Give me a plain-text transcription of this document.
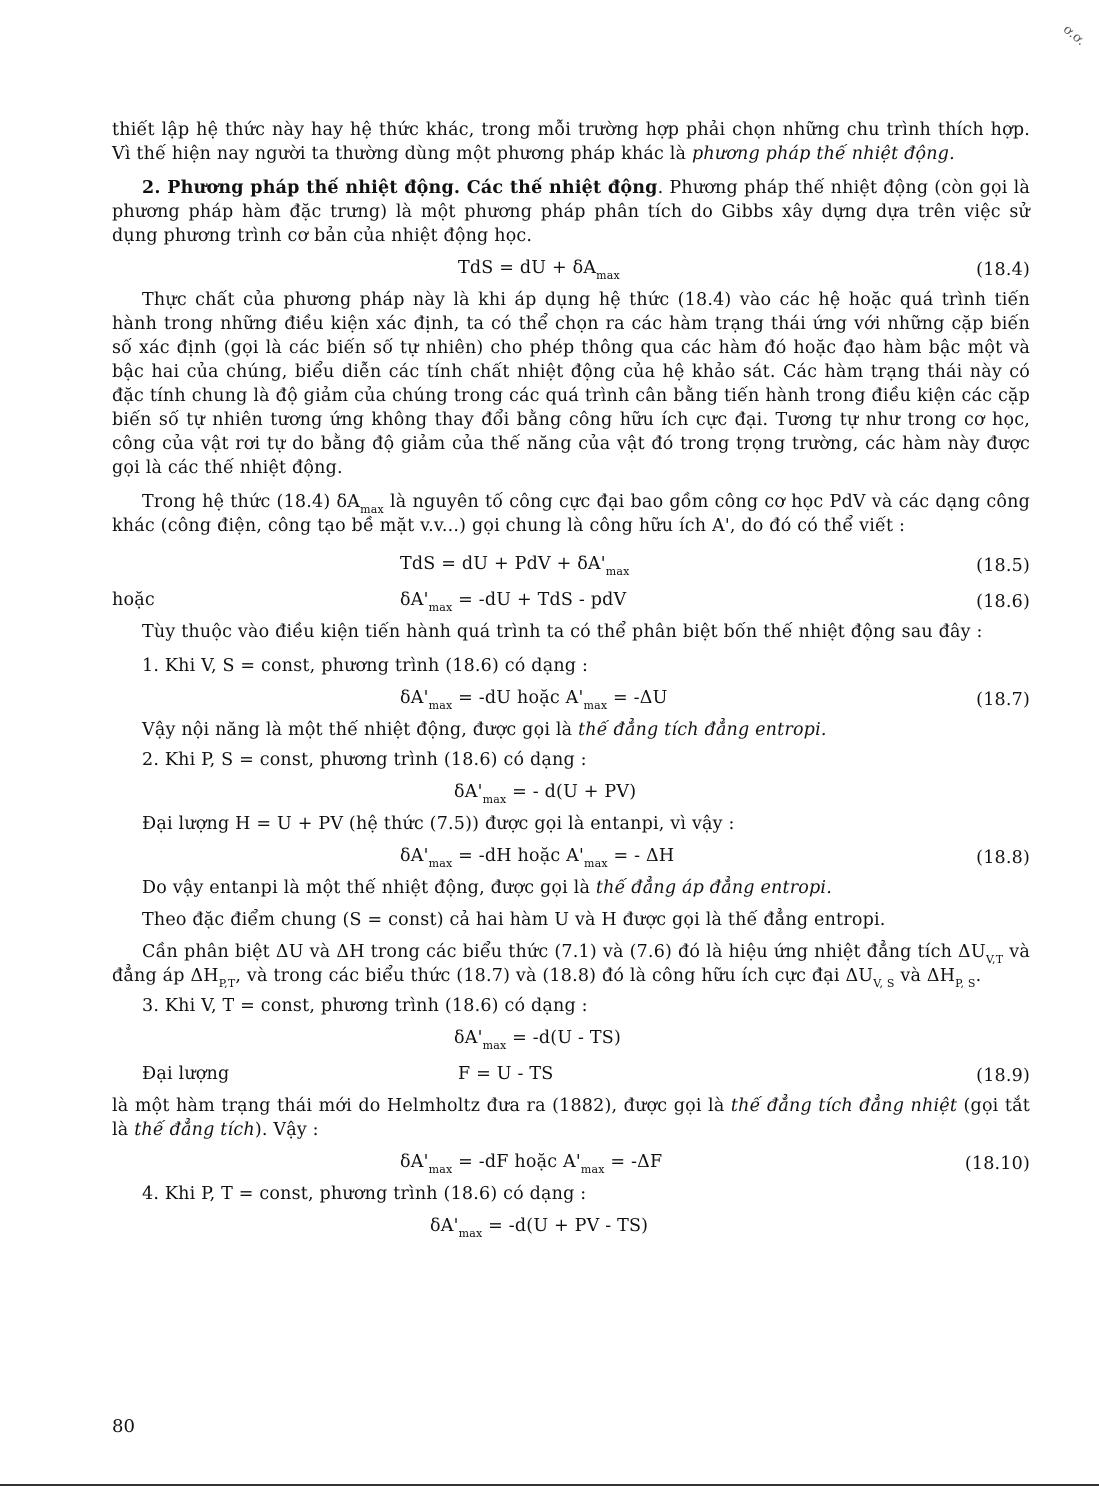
ơ.ơ.

thiết lập hệ thức này hay hệ thức khác, trong mỗi trường hợp phải chọn những chu trình thích hợp. Vì thế hiện nay người ta thường dùng một phương pháp khác là phương pháp thế nhiệt động.

2. Phương pháp thế nhiệt động. Các thế nhiệt động. Phương pháp thế nhiệt động (còn gọi là phương pháp hàm đặc trưng) là một phương pháp phân tích do Gibbs xây dựng dựa trên việc sử dụng phương trình cơ bản của nhiệt động học.

TdS = dU + $\delta A_{max}$	(18.4)

Thực chất của phương pháp này là khi áp dụng hệ thức (18.4) vào các hệ hoặc quá trình tiến hành trong những điều kiện xác định, ta có thể chọn ra các hàm trạng thái ứng với những cặp biến số xác định (gọi là các biến số tự nhiên) cho phép thông qua các hàm đó hoặc đạo hàm bậc một và bậc hai của chúng, biểu diễn các tính chất nhiệt động của hệ khảo sát. Các hàm trạng thái này có đặc tính chung là độ giảm của chúng trong các quá trình cân bằng tiến hành trong điều kiện các cặp biến số tự nhiên tương ứng không thay đổi bằng công hữu ích cực đại. Tương tự như trong cơ học, công của vật rơi tự do bằng độ giảm của thế năng của vật đó trong trọng trường, các hàm này được gọi là các thế nhiệt động.

Trong hệ thức (18.4) $\delta A_{max}$ là nguyên tố công cực đại bao gồm công cơ học PdV và các dạng công khác (công điện, công tạo bề mặt v.v...) gọi chung là công hữu ích A', do đó có thể viết :

TdS = dU + PdV + $\delta A'_{max}$	(18.5)
hoặc	$\delta A'_{max} = -dU$ + TdS - pdV	(18.6)

Tùy thuộc vào điều kiện tiến hành quá trình ta có thể phân biệt bốn thế nhiệt động sau đây :

1. Khi V, S = const, phương trình (18.6) có dạng :

$\delta A'_{max} = -dU$ hoặc $A'_{max} = -\Delta U$	(18.7)

Vậy nội năng là một thế nhiệt động, được gọi là thế đẳng tích đẳng entropi.

2. Khi P, S = const, phương trình (18.6) có dạng :

$\delta A'_{max}$ = - d(U + PV)

Đại lượng H = U + PV (hệ thức (7.5)) được gọi là entanpi, vì vậy :

$\delta A'_{max} = -dH$ hoặc $A'_{max}$ = - ΔH	(18.8)

Do vậy entanpi là một thế nhiệt động, được gọi là thế đẳng áp đẳng entropi.

Theo đặc điểm chung (S = const) cả hai hàm U và H được gọi là thế đẳng entropi.

Cần phân biệt ΔU và ΔH trong các biểu thức (7.1) và (7.6) đó là hiệu ứng nhiệt đẳng tích $\Delta U_{V,T}$ và đẳng áp $\Delta H_{P,T}$, và trong các biểu thức (18.7) và (18.8) đó là công hữu ích cực đại $\Delta U_{V, S}$ và $\Delta H_{P, S}$.

3. Khi V, T = const, phương trình (18.6) có dạng :

$\delta A'_{max} = -d(U - TS)$
Đại lượng	F = U - TS	(18.9)

là một hàm trạng thái mới do Helmholtz đưa ra (1882), được gọi là thế đẳng tích đẳng nhiệt (gọi tắt là thế đẳng tích). Vậy :

$\delta A'_{max} = -dF$ hoặc $A'_{max} = -\Delta F$	(18.10)

4. Khi P, T = const, phương trình (18.6) có dạng :

$\delta A'_{max} = -d(U$ + PV - TS)
80
